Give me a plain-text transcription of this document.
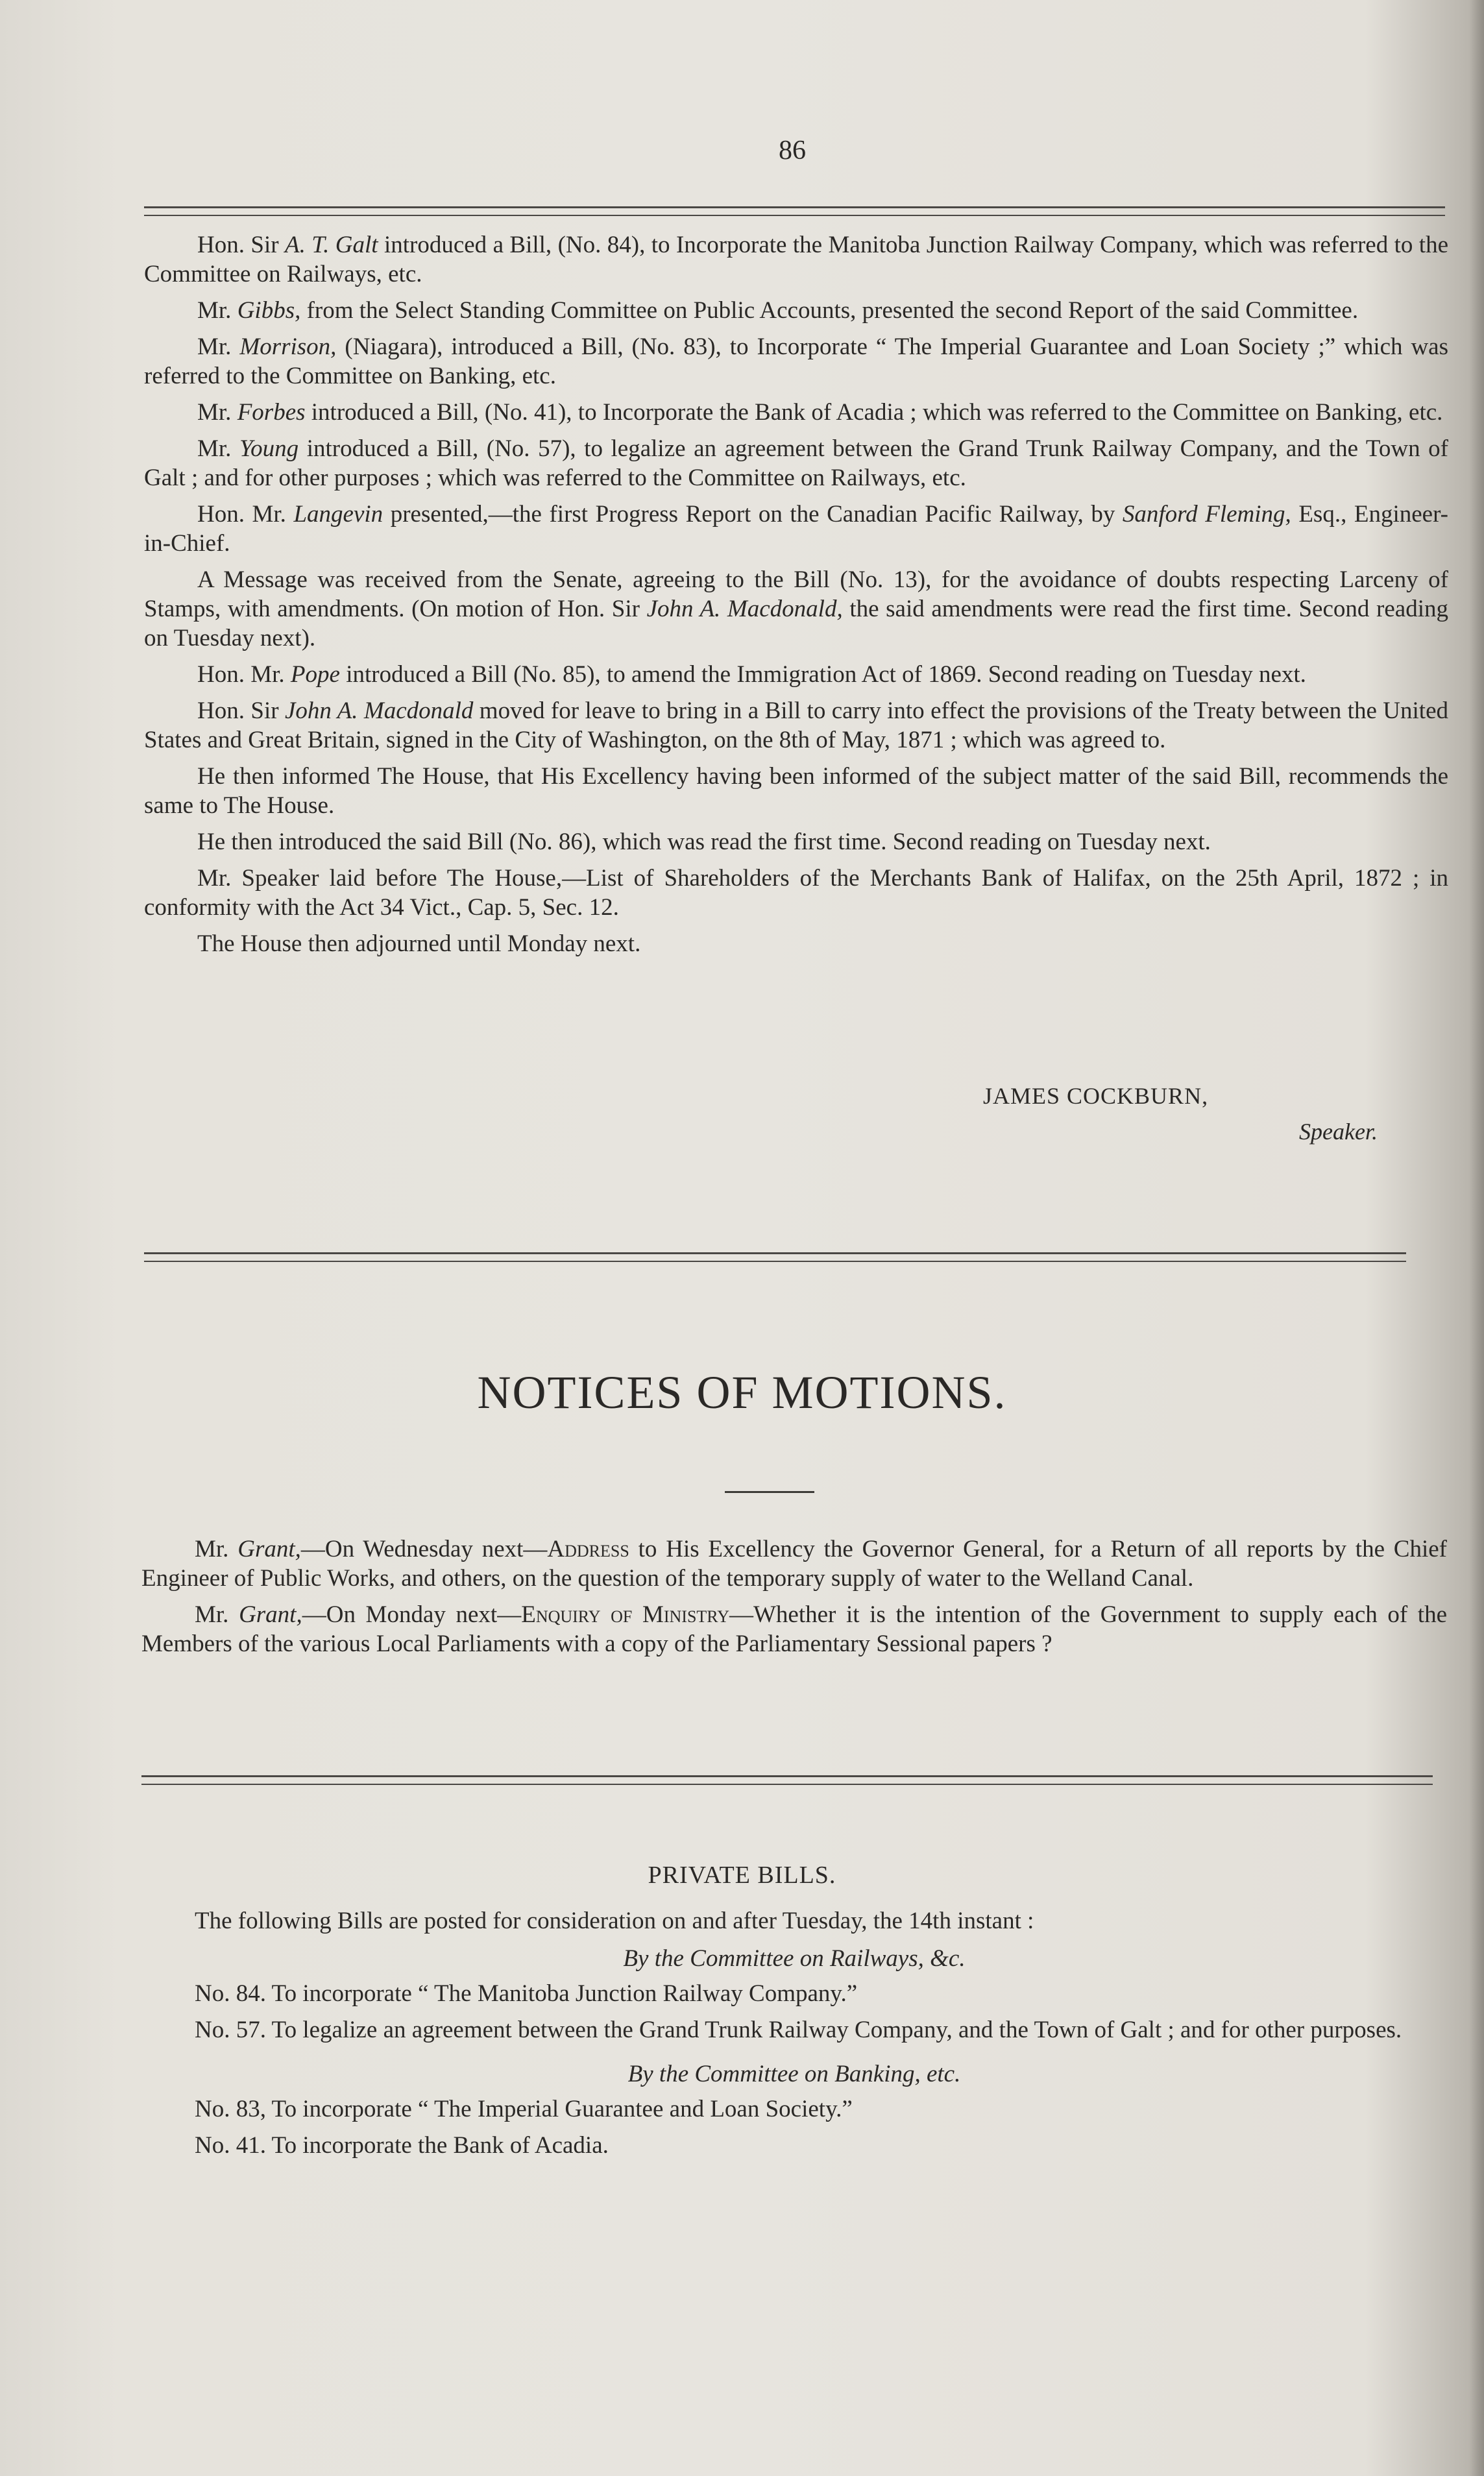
86

Hon. Sir A. T. Galt introduced a Bill, (No. 84), to Incorporate the Manitoba Junction Railway Company, which was referred to the Committee on Railways, etc.

Mr. Gibbs, from the Select Standing Committee on Public Accounts, presented the second Report of the said Committee.

Mr. Morrison, (Niagara), introduced a Bill, (No. 83), to Incorporate “ The Imperial Guarantee and Loan Society ;” which was referred to the Committee on Banking, etc.

Mr. Forbes introduced a Bill, (No. 41), to Incorporate the Bank of Acadia ; which was referred to the Committee on Banking, etc.

Mr. Young introduced a Bill, (No. 57), to legalize an agreement between the Grand Trunk Railway Company, and the Town of Galt ; and for other purposes ; which was referred to the Committee on Railways, etc.

Hon. Mr. Langevin presented,—the first Progress Report on the Canadian Pacific Railway, by Sanford Fleming, Esq., Engineer-in-Chief.

A Message was received from the Senate, agreeing to the Bill (No. 13), for the avoidance of doubts respecting Larceny of Stamps, with amendments. (On motion of Hon. Sir John A. Macdonald, the said amendments were read the first time. Second reading on Tuesday next).

Hon. Mr. Pope introduced a Bill (No. 85), to amend the Immigration Act of 1869. Second reading on Tuesday next.

Hon. Sir John A. Macdonald moved for leave to bring in a Bill to carry into effect the provisions of the Treaty between the United States and Great Britain, signed in the City of Washington, on the 8th of May, 1871 ; which was agreed to.

He then informed The House, that His Excellency having been informed of the subject matter of the said Bill, recommends the same to The House.

He then introduced the said Bill (No. 86), which was read the first time. Second reading on Tuesday next.

Mr. Speaker laid before The House,—List of Shareholders of the Merchants Bank of Halifax, on the 25th April, 1872 ; in conformity with the Act 34 Vict., Cap. 5, Sec. 12.

The House then adjourned until Monday next.

JAMES COCKBURN,
Speaker.
NOTICES OF MOTIONS.

Mr. Grant,—On Wednesday next—Address to His Excellency the Governor General, for a Return of all reports by the Chief Engineer of Public Works, and others, on the question of the temporary supply of water to the Welland Canal.

Mr. Grant,—On Monday next—Enquiry of Ministry—Whether it is the intention of the Government to supply each of the Members of the various Local Parliaments with a copy of the Parliamentary Sessional papers ?

PRIVATE BILLS.

The following Bills are posted for consideration on and after Tuesday, the 14th instant :

By the Committee on Railways, &c.

No. 84. To incorporate “ The Manitoba Junction Railway Company.”

No. 57. To legalize an agreement between the Grand Trunk Railway Company, and the Town of Galt ; and for other purposes.

By the Committee on Banking, etc.

No. 83, To incorporate “ The Imperial Guarantee and Loan Society.”

No. 41. To incorporate the Bank of Acadia.
